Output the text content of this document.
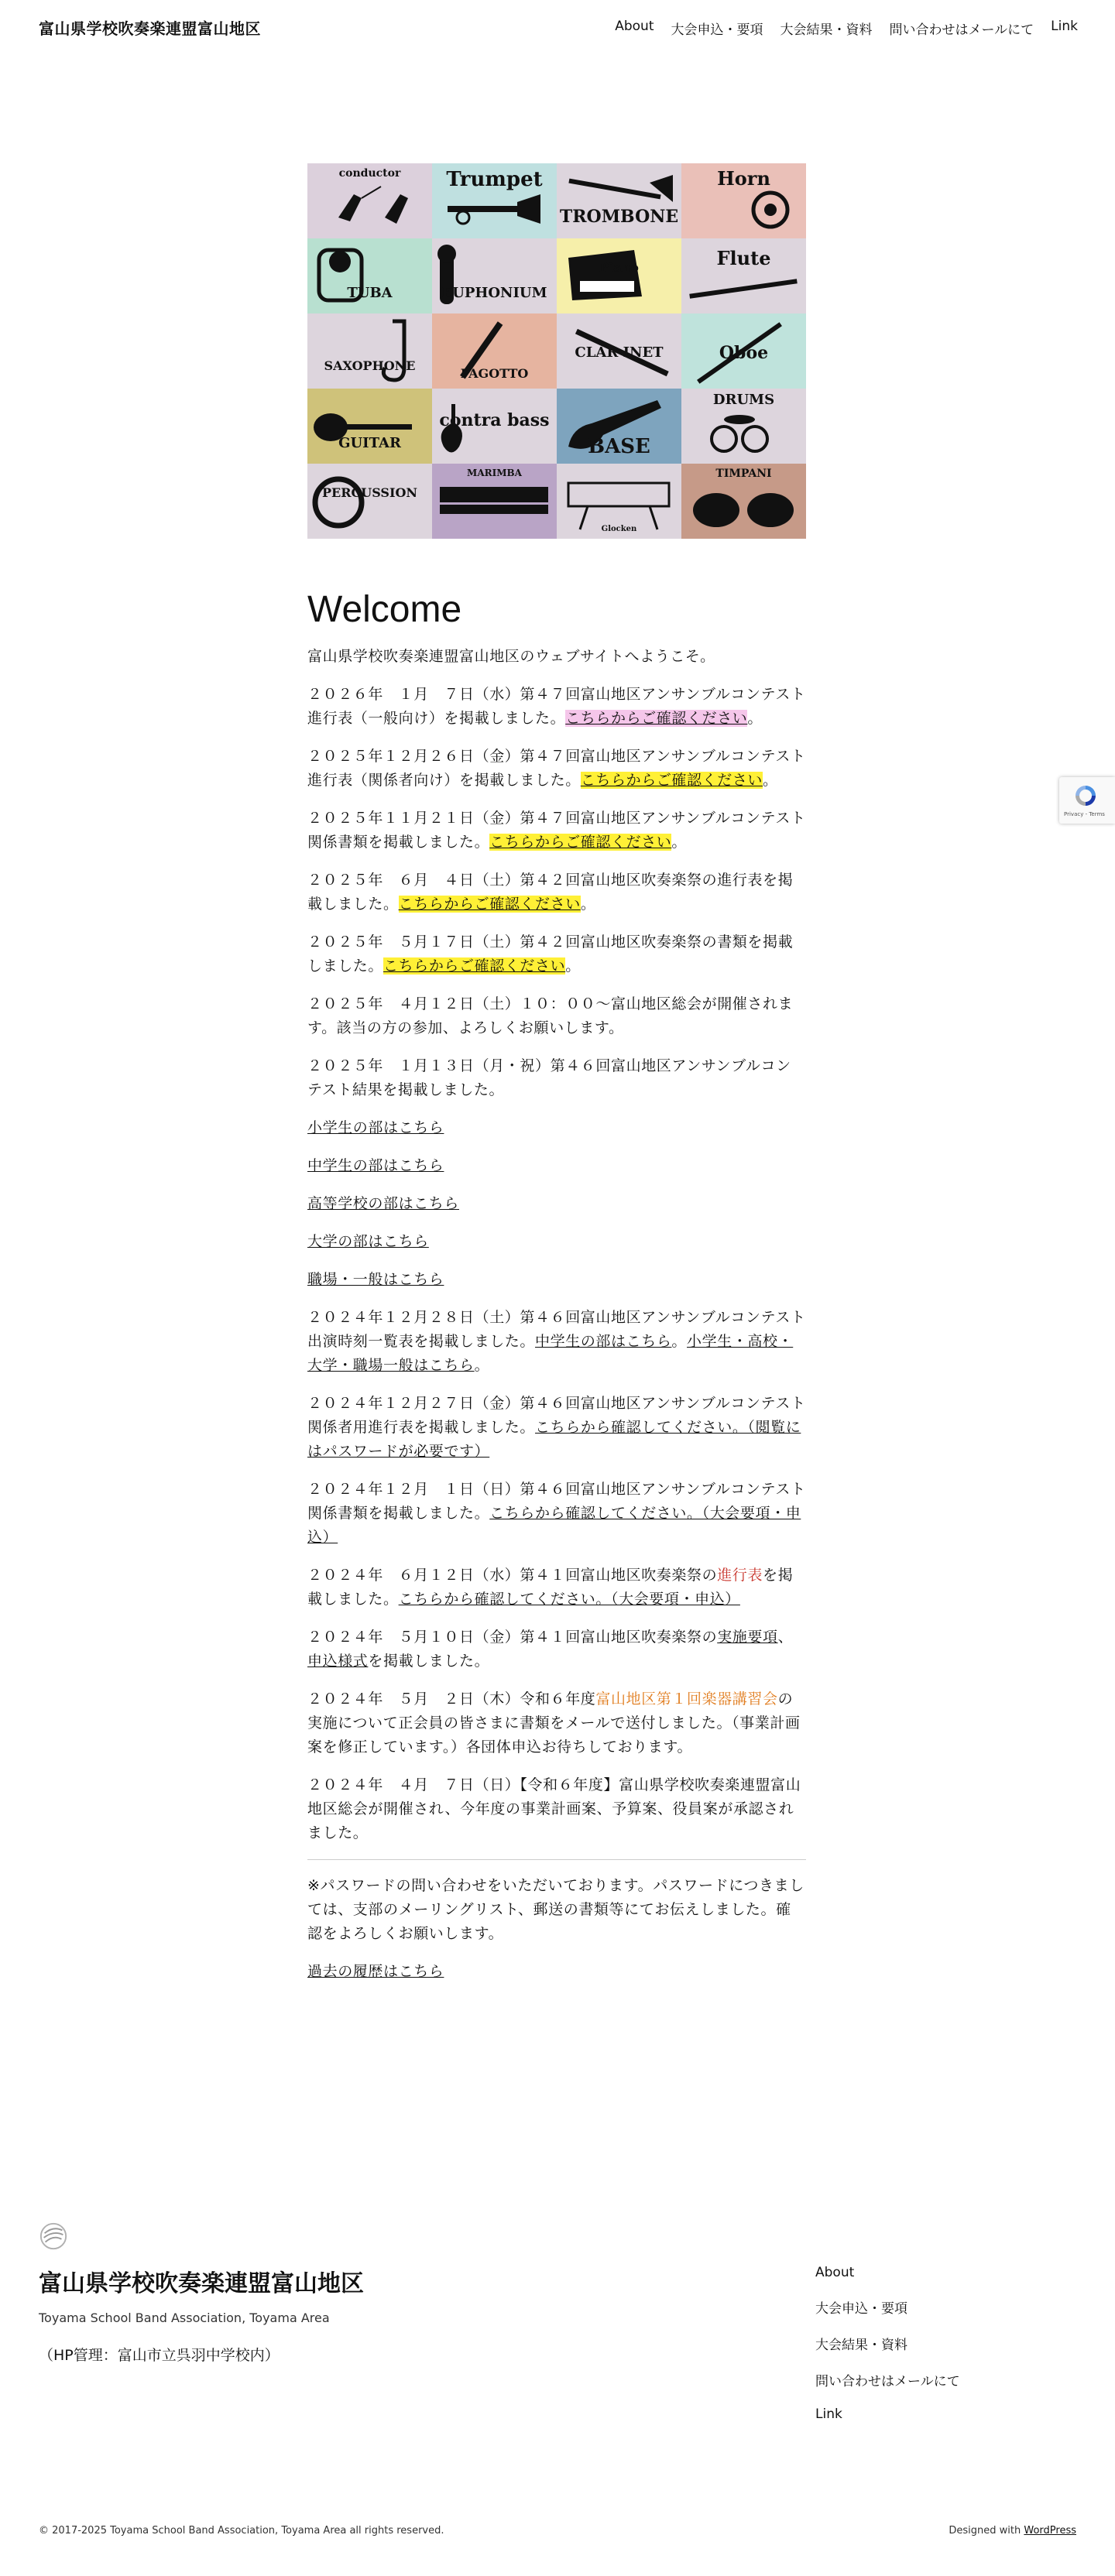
富山県学校吹奏楽連盟富山地区	About 大会申込・要項 大会結果・資料 問い合わせはメールにて Link
conductor	Trumpet
TROMBONE
Horn
TUBA	EUPHONIUM
Piano	Flute
SAXOPHONE
FAGOTTO
CLAR INET	Oboe
GUITAR
contra bass
BASE
DRUMS
PERCUSSION
MARIMBA
Glocken
TIMPANI
Welcome

富山県学校吹奏楽連盟富山地区のウェブサイトへようこそ。

２０２６年　１月　７日（水）第４７回富山地区アンサンブルコンテスト進行表（一般向け）を掲載しました。こちらからご確認ください。

２０２５年１２月２６日（金）第４７回富山地区アンサンブルコンテスト進行表（関係者向け）を掲載しました。こちらからご確認ください。

２０２５年１１月２１日（金）第４７回富山地区アンサンブルコンテスト関係書類を掲載しました。こちらからご確認ください。

２０２５年　６月　４日（土）第４２回富山地区吹奏楽祭の進行表を掲載しました。こちらからご確認ください。

２０２５年　５月１７日（土）第４２回富山地区吹奏楽祭の書類を掲載しました。こちらからご確認ください。

２０２５年　４月１２日（土）１０：００〜富山地区総会が開催されます。該当の方の参加、よろしくお願いします。

２０２５年　１月１３日（月・祝）第４６回富山地区アンサンブルコンテスト結果を掲載しました。

小学生の部はこちら

中学生の部はこちら

高等学校の部はこちら

大学の部はこちら

職場・一般はこちら

２０２４年１２月２８日（土）第４６回富山地区アンサンブルコンテスト出演時刻一覧表を掲載しました。中学生の部はこちら。小学生・高校・大学・職場一般はこちら。

２０２４年１２月２７日（金）第４６回富山地区アンサンブルコンテスト関係者用進行表を掲載しました。こちらから確認してください。（閲覧にはパスワードが必要です）

２０２４年１２月　１日（日）第４６回富山地区アンサンブルコンテスト関係書類を掲載しました。こちらから確認してください。（大会要項・申込）

２０２４年　６月１２日（水）第４１回富山地区吹奏楽祭の進行表を掲載しました。こちらから確認してください。（大会要項・申込）

２０２４年　５月１０日（金）第４１回富山地区吹奏楽祭の実施要項、申込様式を掲載しました。

２０２４年　５月　２日（木）令和６年度富山地区第１回楽器講習会の実施について正会員の皆さまに書類をメールで送付しました。（事業計画案を修正しています。）各団体申込お待ちしております。

２０２４年　４月　７日（日）【令和６年度】富山県学校吹奏楽連盟富山地区総会が開催され、今年度の事業計画案、予算案、役員案が承認されました。

※パスワードの問い合わせをいただいております。パスワードにつきましては、支部のメーリングリスト、郵送の書類等にてお伝えしました。確認をよろしくお願いします。

過去の履歴はこちら

Privacy - Terms
富山県学校吹奏楽連盟富山地区
Toyama School Band Association, Toyama Area
（HP管理：富山市立呉羽中学校内）
About
大会申込・要項
大会結果・資料
問い合わせはメールにて
Link
© 2017-2025 Toyama School Band Association, Toyama Area all rights reserved.	Designed with WordPress
